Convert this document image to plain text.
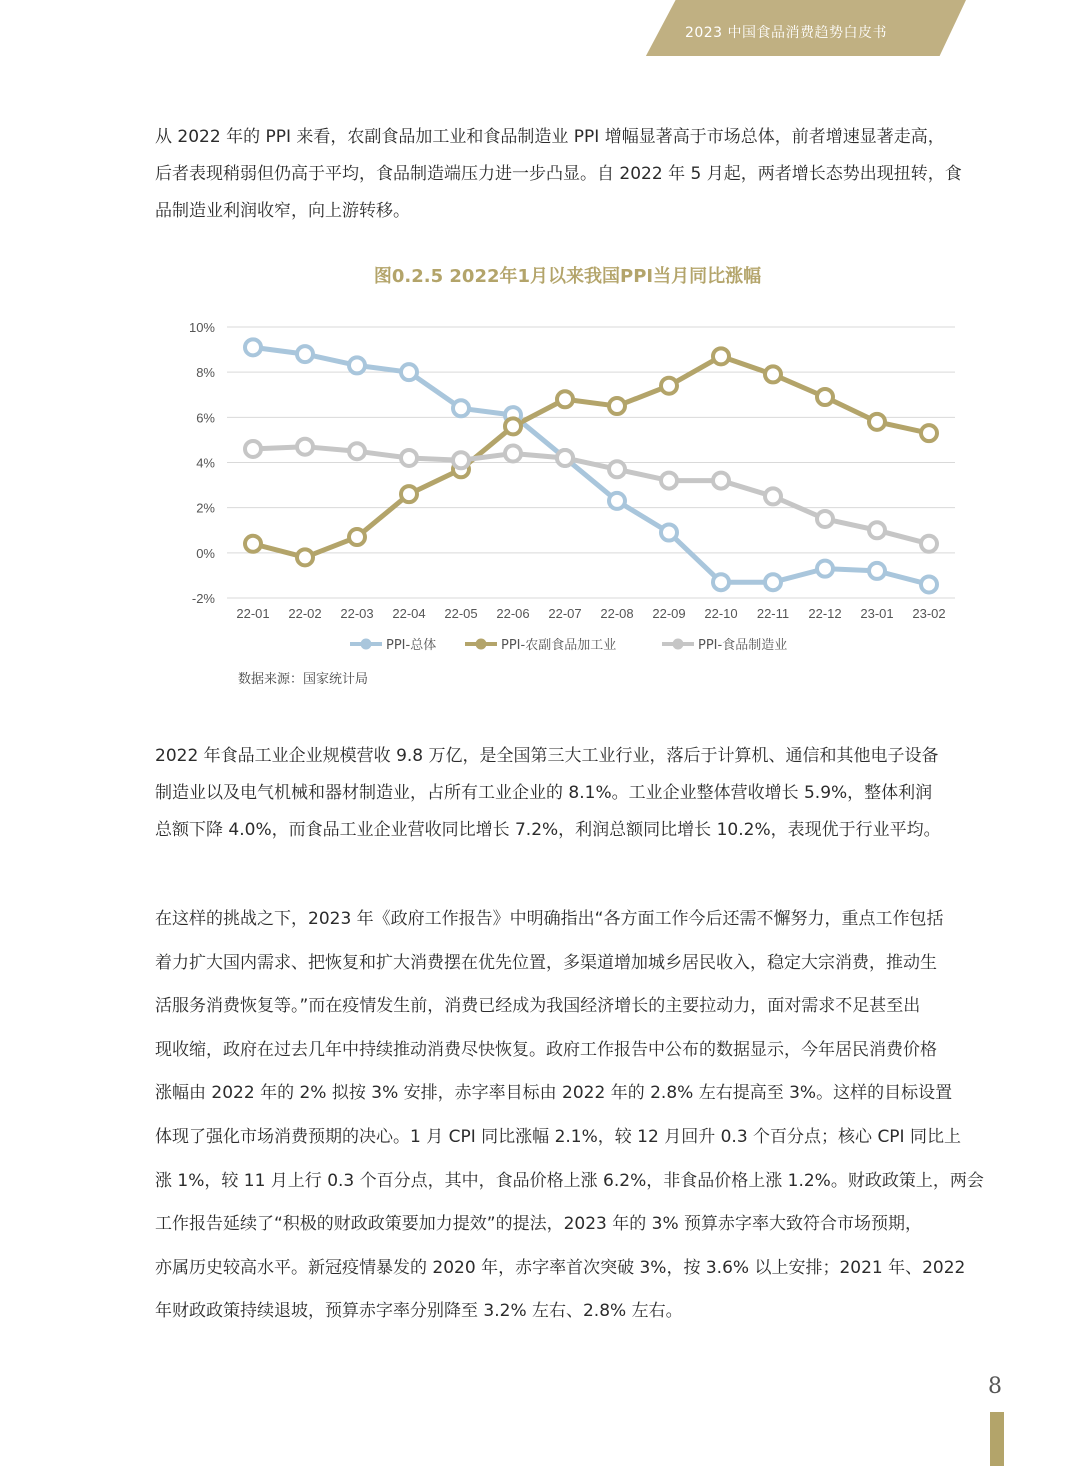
2023 中国食品消费趋势白皮书
从 2022 年的 PPI 来看，农副食品加工业和食品制造业 PPI 增幅显著高于市场总体，前者增速显著走高，
后者表现稍弱但仍高于平均，食品制造端压力进一步凸显。自 2022 年 5 月起，两者增长态势出现扭转，食
品制造业利润收窄，向上游转移。
图0.2.5 2022年1月以来我国PPI当月同比涨幅
10%
8%
6%
4%
2%
0%
-2%
22-01 22-02 22-03 22-04 22-05 22-06 22-07 22-08 22-09 22-10 22-11 22-12 23-01 23-02
PPI-总体	PPI-农副食品加工业	PPI-食品制造业
数据来源：国家统计局
2022 年食品工业企业规模营收 9.8 万亿，是全国第三大工业行业，落后于计算机、通信和其他电子设备
制造业以及电气机械和器材制造业，占所有工业企业的 8.1%。工业企业整体营收增长 5.9%，整体利润
总额下降 4.0%，而食品工业企业营收同比增长 7.2%，利润总额同比增长 10.2%，表现优于行业平均。
在这样的挑战之下，2023 年《政府工作报告》中明确指出“各方面工作今后还需不懈努力，重点工作包括
着力扩大国内需求、把恢复和扩大消费摆在优先位置，多渠道增加城乡居民收入，稳定大宗消费，推动生
活服务消费恢复等。”而在疫情发生前，消费已经成为我国经济增长的主要拉动力，面对需求不足甚至出
现收缩，政府在过去几年中持续推动消费尽快恢复。政府工作报告中公布的数据显示，今年居民消费价格
涨幅由 2022 年的 2% 拟按 3% 安排，赤字率目标由 2022 年的 2.8% 左右提高至 3%。这样的目标设置
体现了强化市场消费预期的决心。1 月 CPI 同比涨幅 2.1%，较 12 月回升 0.3 个百分点；核心 CPI 同比上
涨 1%，较 11 月上行 0.3 个百分点，其中，食品价格上涨 6.2%，非食品价格上涨 1.2%。财政政策上，两会
工作报告延续了“积极的财政政策要加力提效”的提法，2023 年的 3% 预算赤字率大致符合市场预期，
亦属历史较高水平。新冠疫情暴发的 2020 年，赤字率首次突破 3%，按 3.6% 以上安排；2021 年、2022
年财政政策持续退坡，预算赤字率分别降至 3.2% 左右、2.8% 左右。
8
